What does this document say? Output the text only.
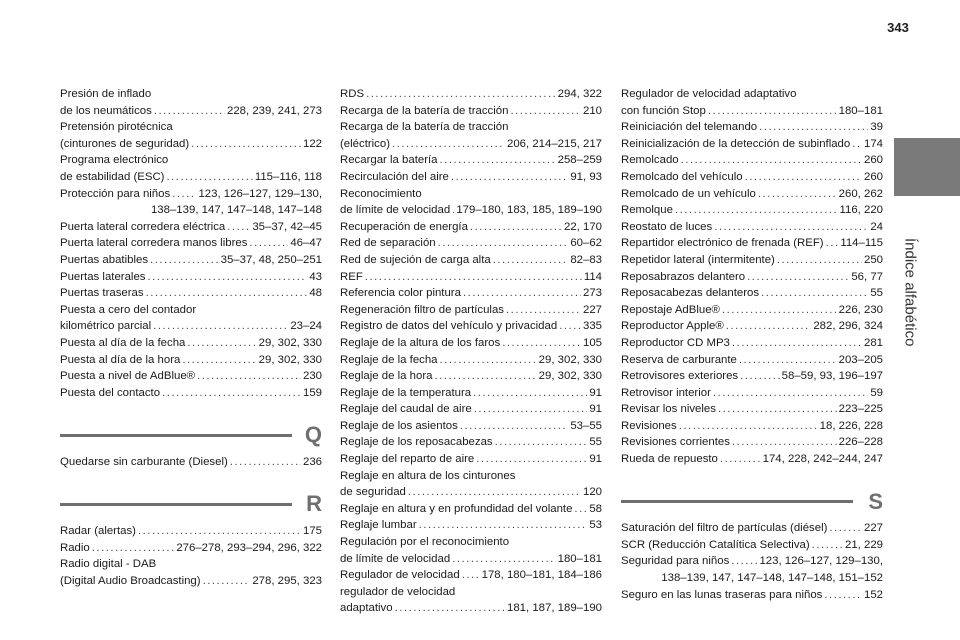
343
Índice alfabético
Presión de inflado
de los neumáticos .....	228, 239, 241, 273
Pretensión pirotécnica
(cinturones de seguridad) .....	122
Programa electrónico
de estabilidad (ESC) .....	115–116, 118
Protección para niños ..... 123, 126–127, 129–130,
138–139, 147, 147–148, 147–148
Puerta lateral corredera eléctrica ..... 35–37, 42–45
Puerta lateral corredera manos libres .....	46–47
Puertas abatibles .....	35–37, 48, 250–251
Puertas laterales .....	43
Puertas traseras .....	48
Puesta a cero del contador
kilométrico parcial .....	23–24
Puesta al día de la fecha .....	29, 302, 330
Puesta al día de la hora .....	29, 302, 330
Puesta a nivel de AdBlue® .....	230
Puesta del contacto .....	159
Q
Quedarse sin carburante (Diesel) .....	236
R
Radar (alertas) .....	175
Radio .....	276–278, 293–294, 296, 322
Radio digital - DAB
(Digital Audio Broadcasting) .....	278, 295, 323
RDS .....	294, 322
Recarga de la batería de tracción .....	210
Recarga de la batería de tracción
(eléctrico) .....	206, 214–215, 217
Recargar la batería .....	258–259
Recirculación del aire .....	91, 93
Reconocimiento
de límite de velocidad ..... 179–180, 183, 185, 189–190
Recuperación de energía .....	22, 170
Red de separación .....	60–62
Red de sujeción de carga alta .....	82–83
REF .....	114
Referencia color pintura .....	273
Regeneración filtro de partículas .....	227
Registro de datos del vehículo y privacidad ..... 335
Reglaje de la altura de los faros .....	105
Reglaje de la fecha .....	29, 302, 330
Reglaje de la hora .....	29, 302, 330
Reglaje de la temperatura .....	91
Reglaje del caudal de aire .....	91
Reglaje de los asientos .....	53–55
Reglaje de los reposacabezas .....	55
Reglaje del reparto de aire .....	91
Reglaje en altura de los cinturones
de seguridad .....	120
Reglaje en altura y en profundidad del volante ..... 58
Reglaje lumbar .....	53
Regulación por el reconocimiento
de límite de velocidad .....	180–181
Regulador de velocidad ..... 178, 180–181, 184–186
regulador de velocidad
adaptativo .....	181, 187, 189–190
Regulador de velocidad adaptativo
con función Stop .....	180–181
Reiniciación del telemando .....	39
Reinicialización de la detección de subinflado ..... 174
Remolcado .....	260
Remolcado del vehículo .....	260
Remolcado de un vehículo .....	260, 262
Remolque .....	116, 220
Reostato de luces .....	24
Repartidor electrónico de frenada (REF) ..... 114–115
Repetidor lateral (intermitente) .....	250
Reposabrazos delantero .....	56, 77
Reposacabezas delanteros .....	55
Repostaje AdBlue® .....	226, 230
Reproductor Apple® .....	282, 296, 324
Reproductor CD MP3 .....	281
Reserva de carburante .....	203–205
Retrovisores exteriores .....	58–59, 93, 196–197
Retrovisor interior .....	59
Revisar los niveles .....	223–225
Revisiones .....	18, 226, 228
Revisiones corrientes .....	226–228
Rueda de repuesto .....	174, 228, 242–244, 247
S
Saturación del filtro de partículas (diésel) .....	227
SCR (Reducción Catalítica Selectiva) .....	21, 229
Seguridad para niños .....	123, 126–127, 129–130,
138–139, 147, 147–148, 147–148, 151–152
Seguro en las lunas traseras para niños .....	152
